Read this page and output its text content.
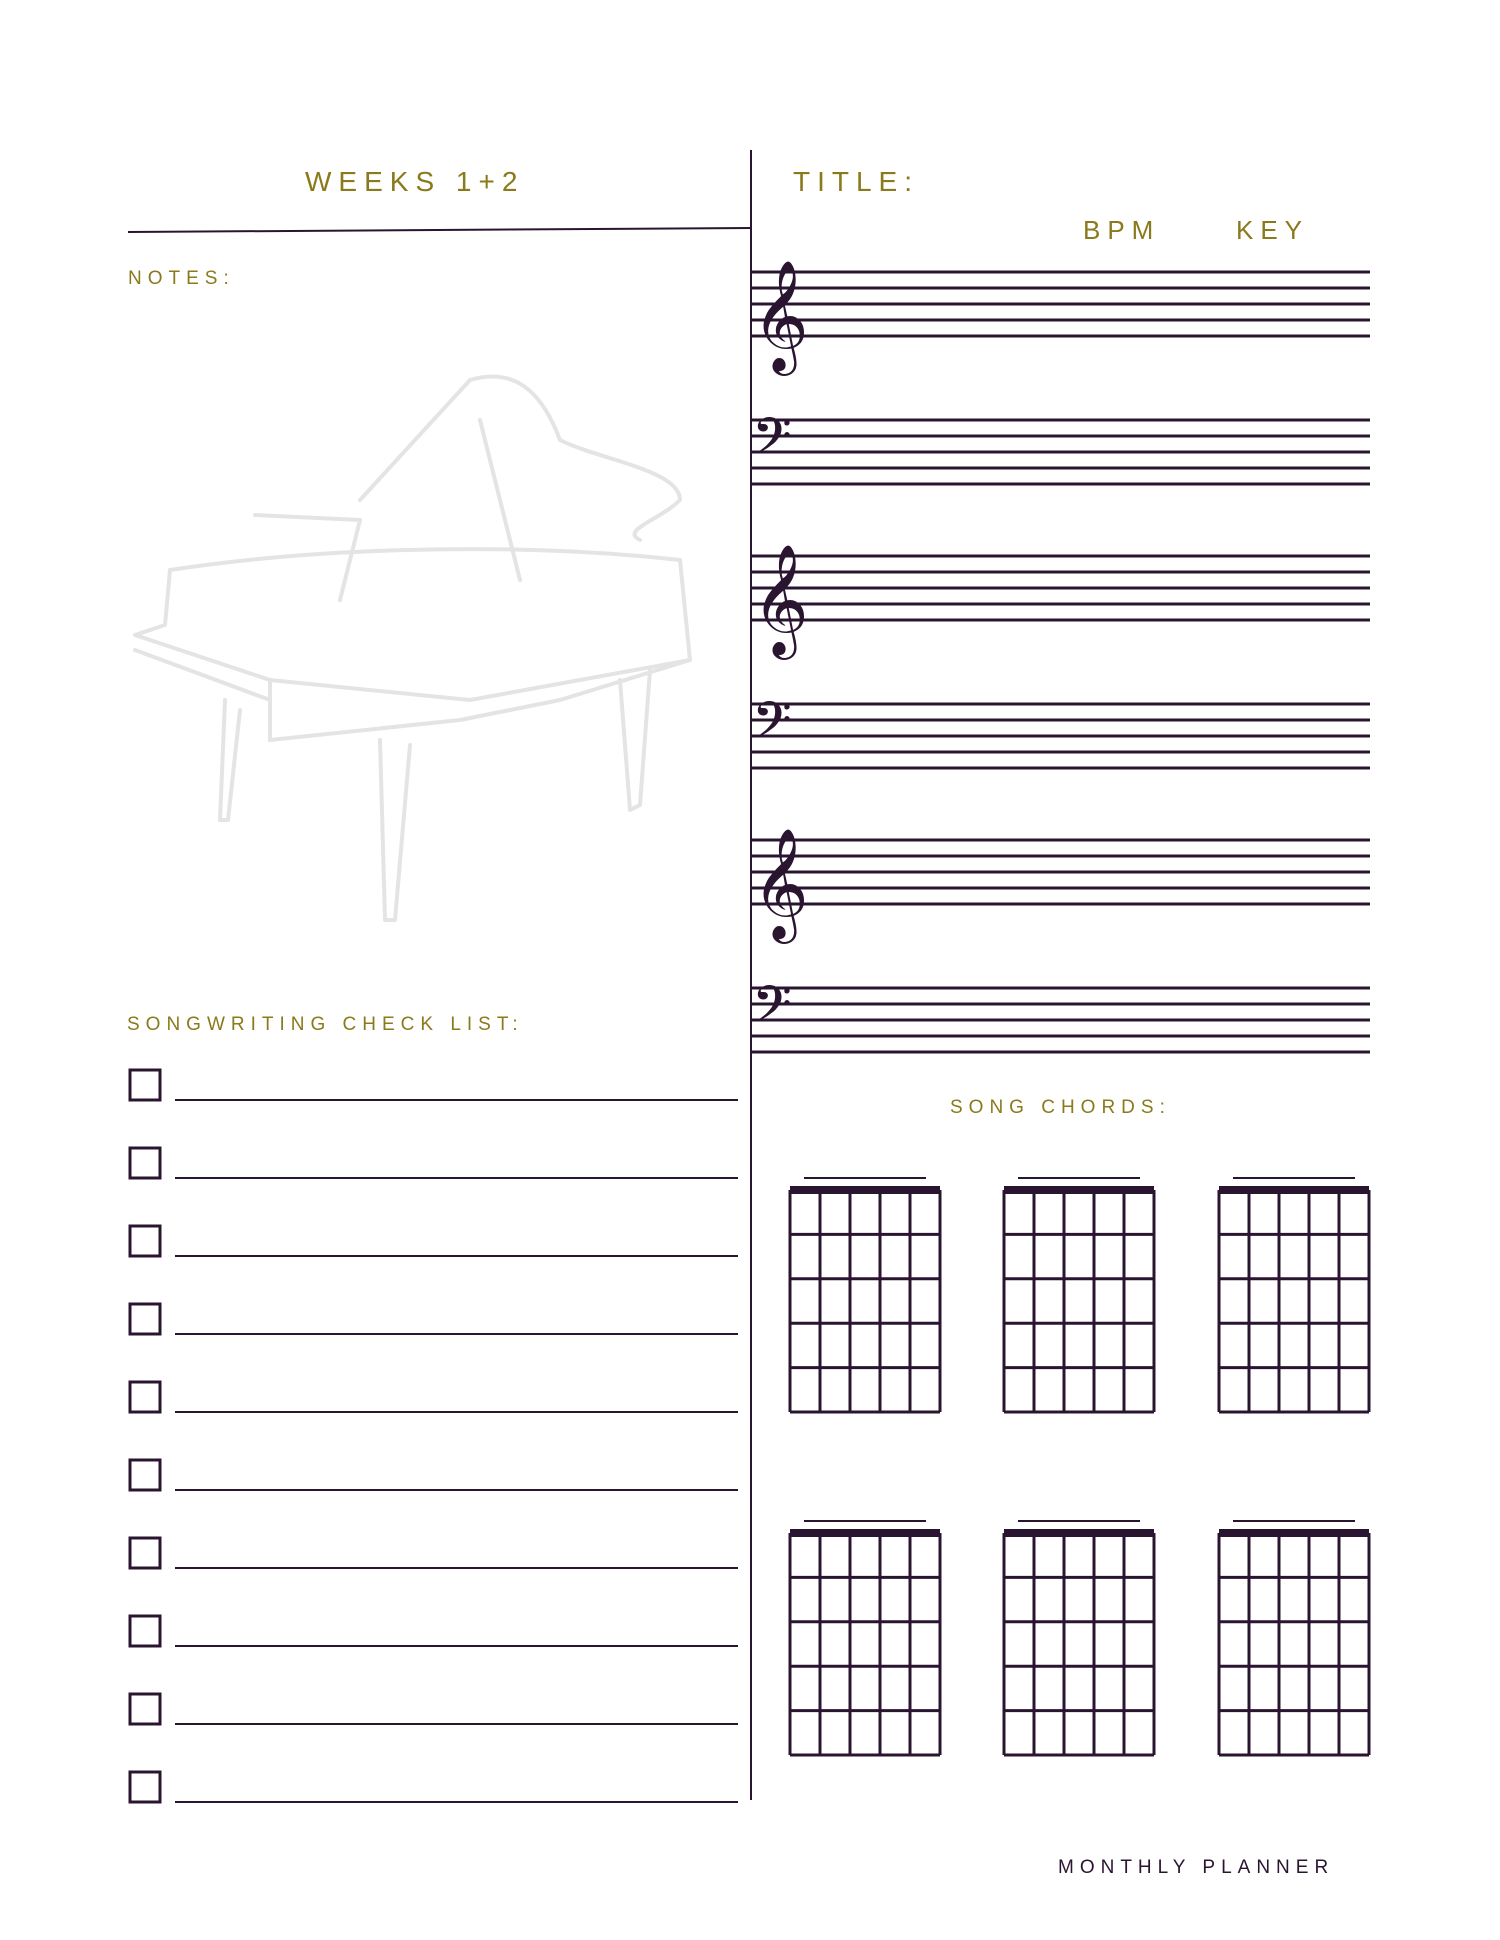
𝄞
𝄢
𝄞
𝄢
𝄞
𝄢
WEEKS 1+2	TITLE:
BPM	KEY
NOTES:
SONGWRITING CHECK LIST:
SONG CHORDS:
MONTHLY PLANNER
